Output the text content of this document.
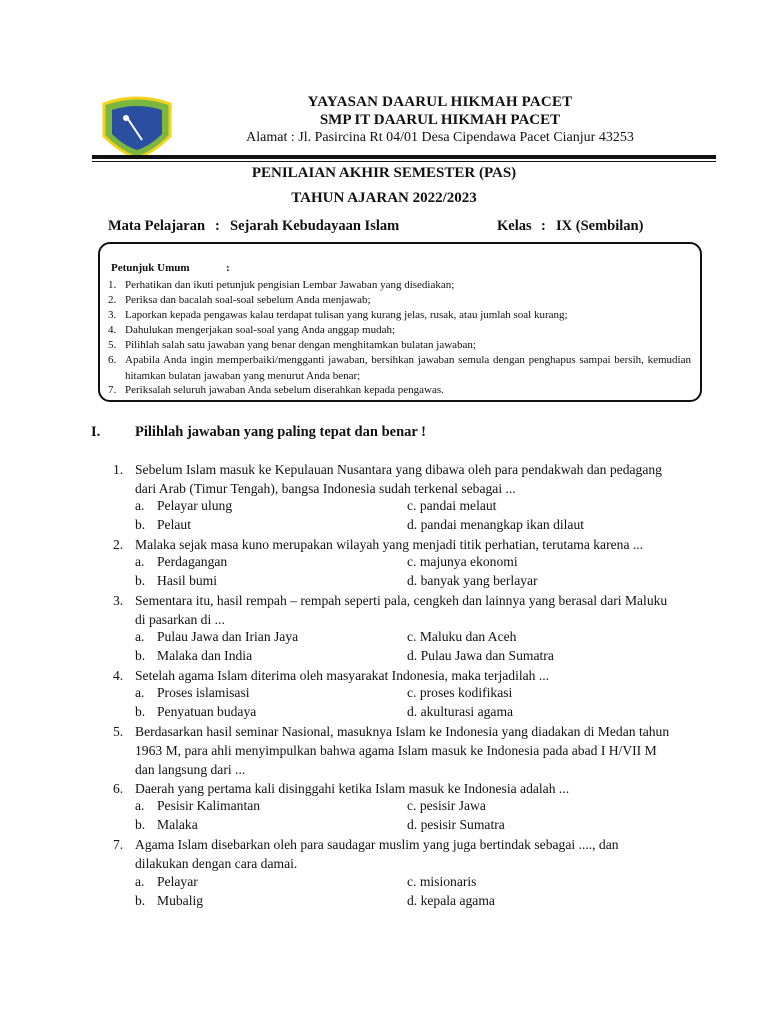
YAYASAN DAARUL HIKMAH PACET
SMP IT DAARUL HIKMAH PACET
Alamat : Jl. Pasircina Rt 04/01 Desa Cipendawa Pacet Cianjur 43253
PENILAIAN AKHIR SEMESTER (PAS)
TAHUN AJARAN 2022/2023
Mata Pelajaran : Sejarah Kebudayaan Islam	Kelas : IX (Sembilan)
Petunjuk Umum	:
1. Perhatikan dan ikuti petunjuk pengisian Lembar Jawaban yang disediakan;
2. Periksa dan bacalah soal-soal sebelum Anda menjawab;
3. Laporkan kepada pengawas kalau terdapat tulisan yang kurang jelas, rusak, atau jumlah soal kurang;
4. Dahulukan mengerjakan soal-soal yang Anda anggap mudah;
5. Pilihlah salah satu jawaban yang benar dengan menghitamkan bulatan jawaban;
6. Apabila Anda ingin memperbaiki/mengganti jawaban, bersihkan jawaban semula dengan penghapus sampai bersih, kemudian hitamkan bulatan jawaban yang menurut Anda benar;
7. Periksalah seluruh jawaban Anda sebelum diserahkan kepada pengawas.
I. Pilihlah jawaban yang paling tepat dan benar !
1. Sebelum Islam masuk ke Kepulauan Nusantara yang dibawa oleh para pendakwah dan pedagang dari Arab (Timur Tengah), bangsa Indonesia sudah terkenal sebagai ...
a. Pelayar ulung	c. pandai melaut
b. Pelaut	d. pandai menangkap ikan dilaut
2. Malaka sejak masa kuno merupakan wilayah yang menjadi titik perhatian, terutama karena ...
a. Perdagangan	c. majunya ekonomi
b. Hasil bumi	d. banyak yang berlayar
3. Sementara itu, hasil rempah – rempah seperti pala, cengkeh dan lainnya yang berasal dari Maluku di pasarkan di ...
a. Pulau Jawa dan Irian Jaya	c. Maluku dan Aceh
b. Malaka dan India	d. Pulau Jawa dan Sumatra
4. Setelah agama Islam diterima oleh masyarakat Indonesia, maka terjadilah ...
a. Proses islamisasi	c. proses kodifikasi
b. Penyatuan budaya	d. akulturasi agama
5. Berdasarkan hasil seminar Nasional, masuknya Islam ke Indonesia yang diadakan di Medan tahun 1963 M, para ahli menyimpulkan bahwa agama Islam masuk ke Indonesia pada abad I H/VII M dan langsung dari ...
6. Daerah yang pertama kali disinggahi ketika Islam masuk ke Indonesia adalah ...
a. Pesisir Kalimantan	c. pesisir Jawa
b. Malaka	d. pesisir Sumatra
7. Agama Islam disebarkan oleh para saudagar muslim yang juga bertindak sebagai ...., dan dilakukan dengan cara damai.
a. Pelayar	c. misionaris
b. Mubalig	d. kepala agama
